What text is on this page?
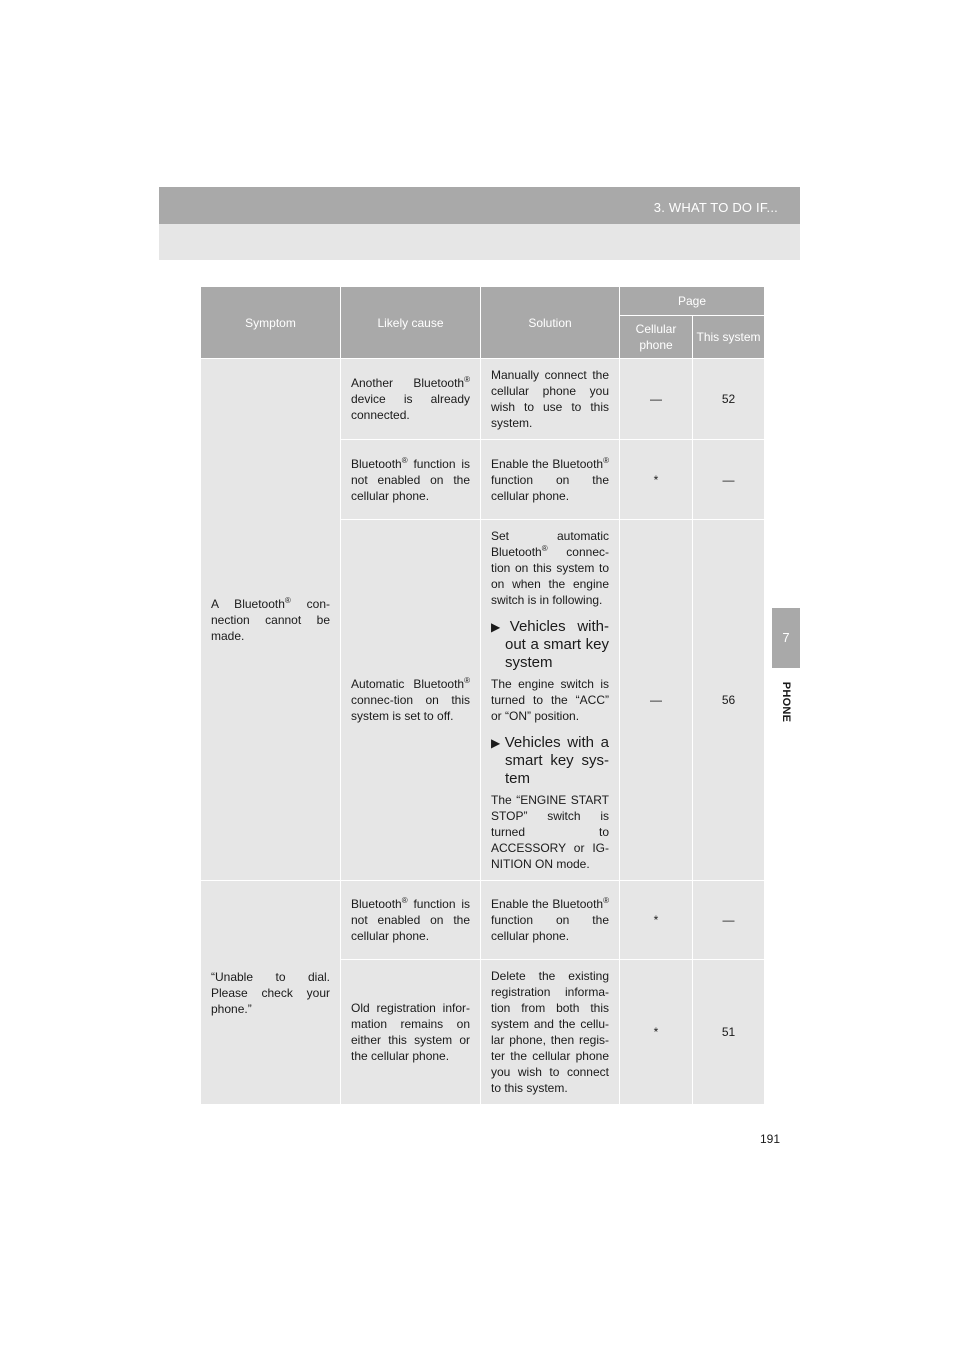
3. WHAT TO DO IF...
7
PHONE
Symptom	Likely cause	Solution	Page	
			Cellular phone	This system
A Bluetooth® con-nection cannot be made.	Another Bluetooth® device is already connected.	Manually connect the cellular phone you wish to use to this system.	—	52
	Bluetooth® function is not enabled on the cellular phone.	Enable the Bluetooth® function on the cellular phone.	*	—
	Automatic Bluetooth® connec-tion on this system is set to off.	Set automatic Bluetooth® connec-tion on this system to on when the engine switch is in following.
▶ Vehicles with-out a smart key system
The engine switch is turned to the “ACC” or “ON” position.
▶ Vehicles with a smart key sys-tem
The “ENGINE START STOP” switch is turned to ACCESSORY or IG-NITION ON mode.	—	56
“Unable to dial. Please check your phone.”	Bluetooth® function is not enabled on the cellular phone.	Enable the Bluetooth® function on the cellular phone.	*	—
	Old registration infor-mation remains on either this system or the cellular phone.	Delete the existing registration informa-tion from both this system and the cellu-lar phone, then regis-ter the cellular phone you wish to connect to this system.	*	51
191
